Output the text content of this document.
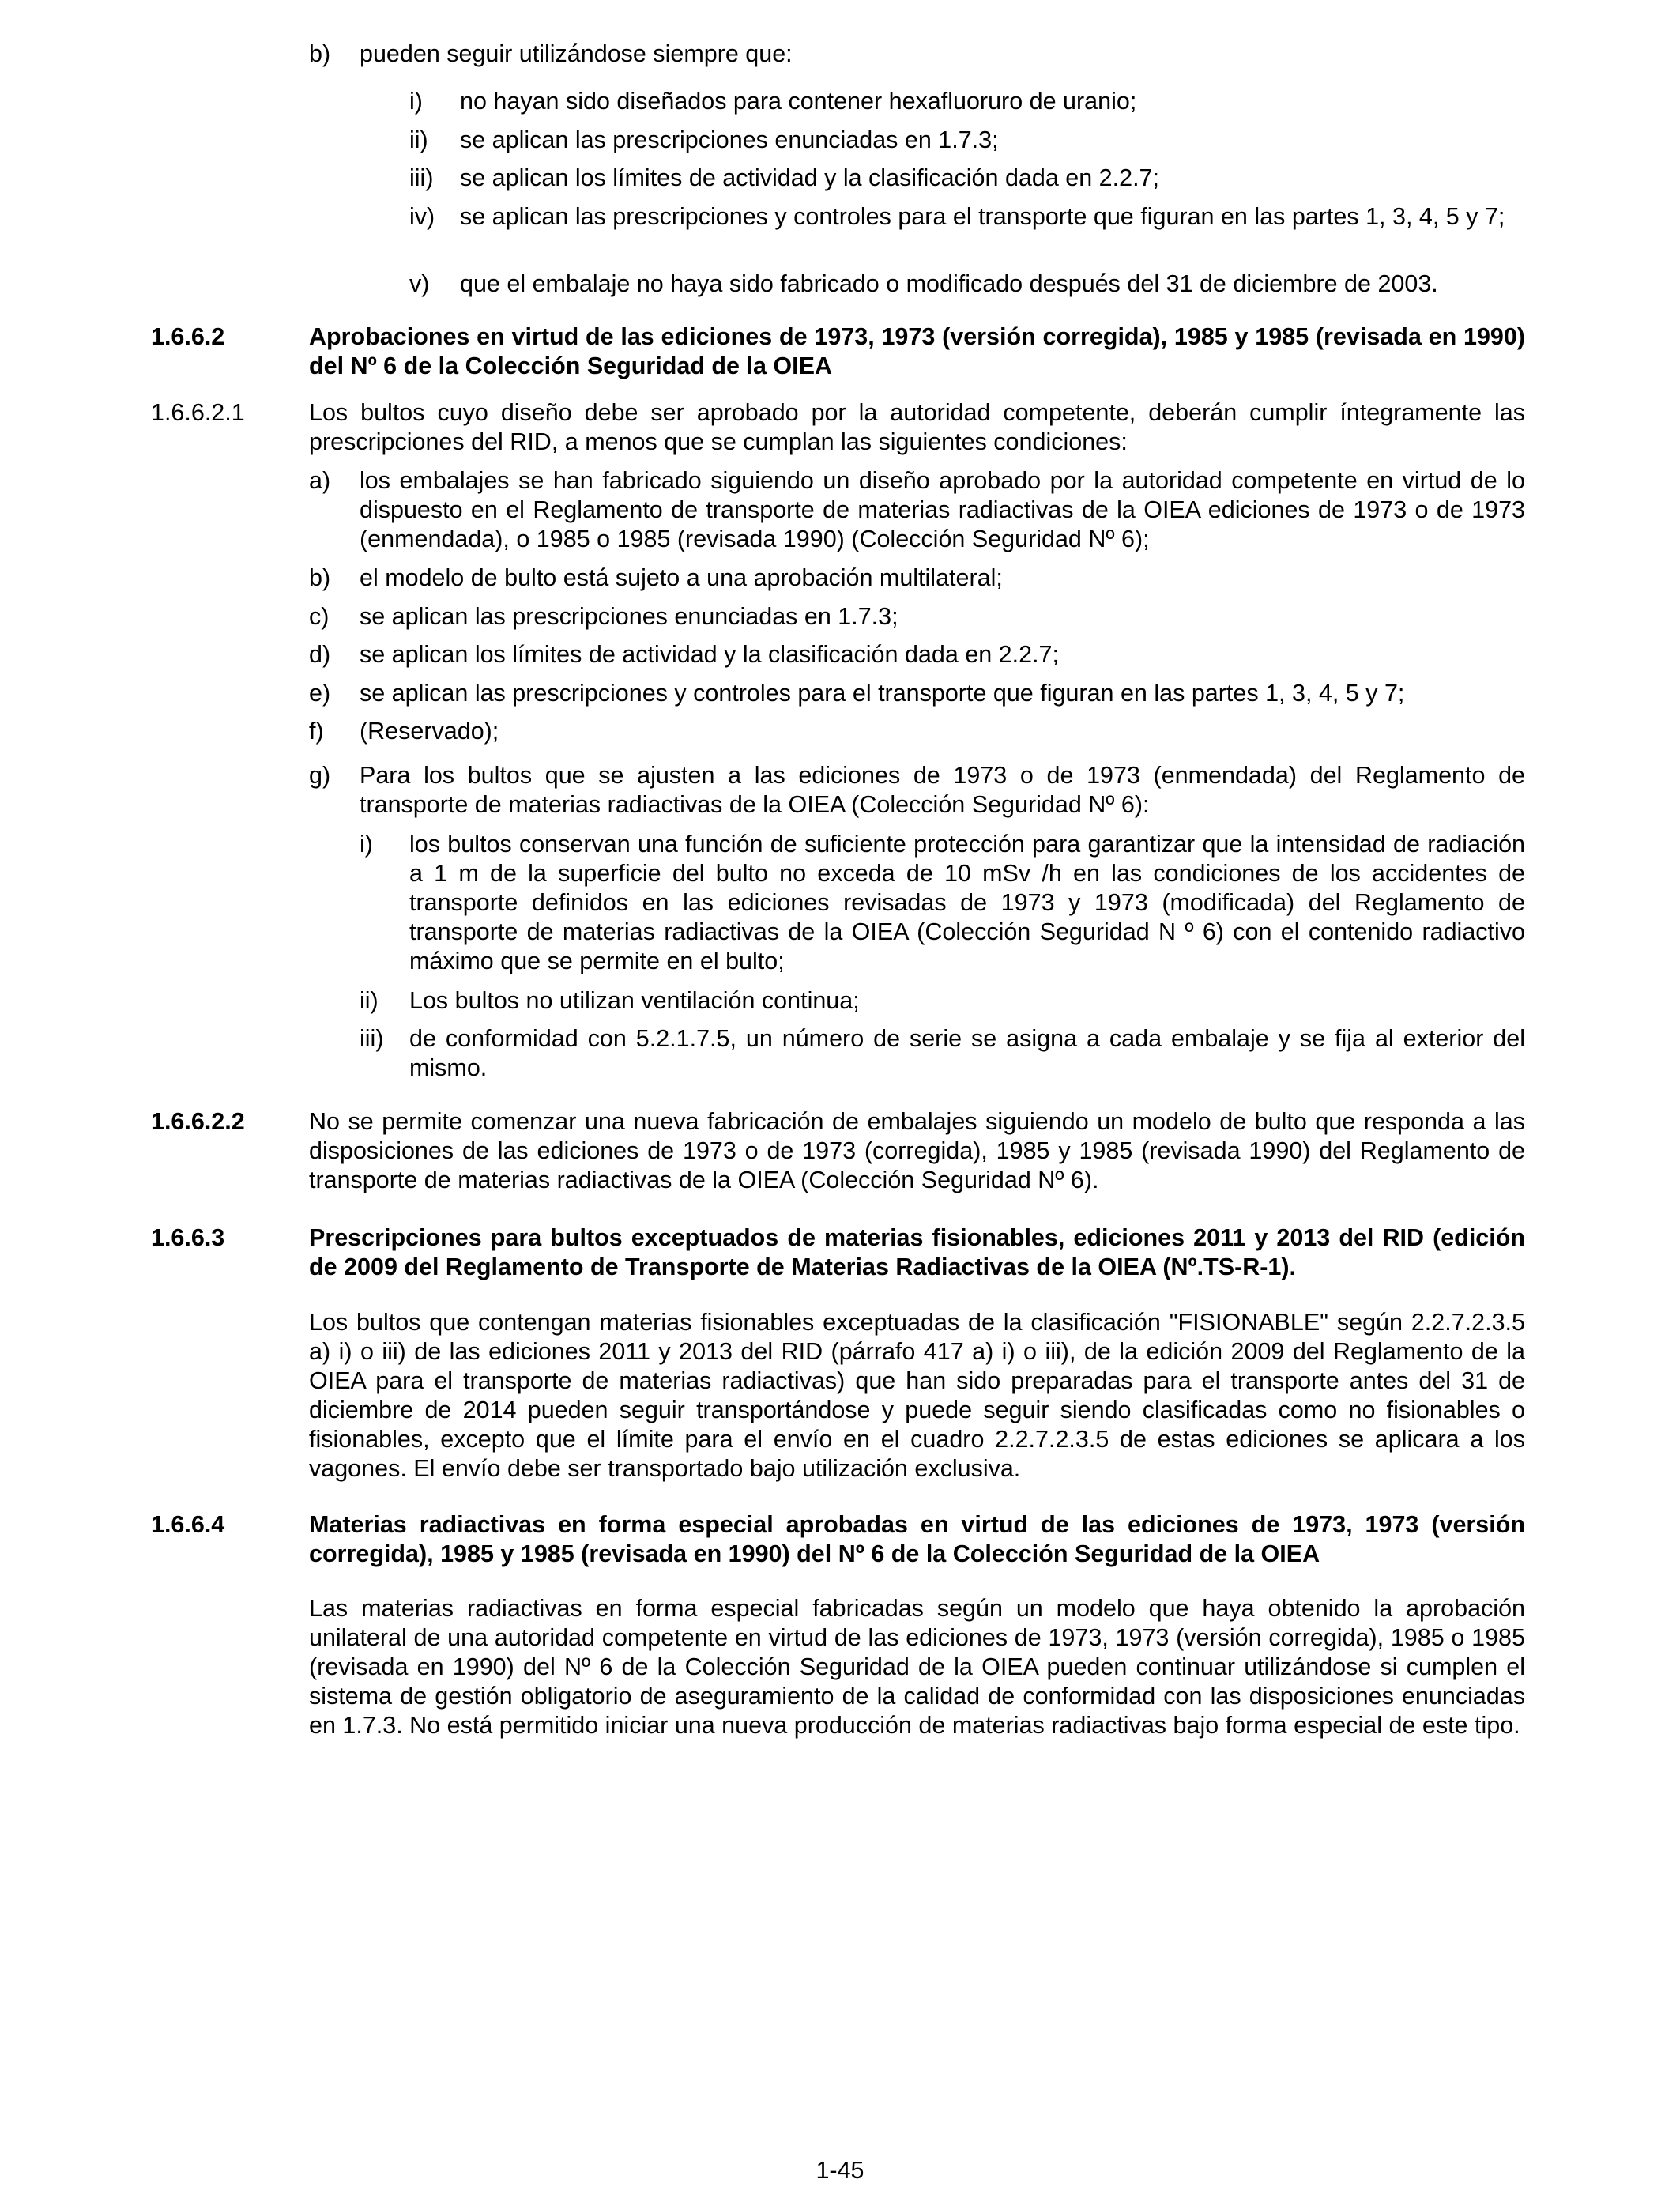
b) pueden seguir utilizándose siempre que:
i) no hayan sido diseñados para contener hexafluoruro de uranio;
ii) se aplican las prescripciones enunciadas en 1.7.3;
iii) se aplican los límites de actividad y la clasificación dada en 2.2.7;
iv) se aplican las prescripciones y controles para el transporte que figuran en las partes 1, 3, 4, 5 y 7;
v) que el embalaje no haya sido fabricado o modificado después del 31 de diciembre de 2003.
1.6.6.2	Aprobaciones en virtud de las ediciones de 1973, 1973 (versión corregida), 1985 y 1985 (revisada en 1990) del Nº 6 de la Colección Seguridad de la OIEA
1.6.6.2.1	Los bultos cuyo diseño debe ser aprobado por la autoridad competente, deberán cumplir íntegramente las prescripciones del RID, a menos que se cumplan las siguientes condiciones:
a) los embalajes se han fabricado siguiendo un diseño aprobado por la autoridad competente en virtud de lo dispuesto en el Reglamento de transporte de materias radiactivas de la OIEA ediciones de 1973 o de 1973 (enmendada), o 1985 o 1985 (revisada 1990) (Colección Seguridad Nº 6);
b) el modelo de bulto está sujeto a una aprobación multilateral;
c) se aplican las prescripciones enunciadas en 1.7.3;
d) se aplican los límites de actividad y la clasificación dada en 2.2.7;
e) se aplican las prescripciones y controles para el transporte que figuran en las partes 1, 3, 4, 5 y 7;
f) (Reservado);
g) Para los bultos que se ajusten a las ediciones de 1973 o de 1973 (enmendada) del Reglamento de transporte de materias radiactivas de la OIEA (Colección Seguridad Nº 6):
i) los bultos conservan una función de suficiente protección para garantizar que la intensidad de radiación a 1 m de la superficie del bulto no exceda de 10 mSv /h en las condiciones de los accidentes de transporte definidos en las ediciones revisadas de 1973 y 1973 (modificada) del Reglamento de transporte de materias radiactivas de la OIEA (Colección Seguridad N º 6) con el contenido radiactivo máximo que se permite en el bulto;
ii) Los bultos no utilizan ventilación continua;
iii) de conformidad con 5.2.1.7.5, un número de serie se asigna a cada embalaje y se fija al exterior del mismo.
1.6.6.2.2	No se permite comenzar una nueva fabricación de embalajes siguiendo un modelo de bulto que responda a las disposiciones de las ediciones de 1973 o de 1973 (corregida), 1985 y 1985 (revisada 1990) del Reglamento de transporte de materias radiactivas de la OIEA (Colección Seguridad Nº 6).
1.6.6.3	Prescripciones para bultos exceptuados de materias fisionables, ediciones 2011 y 2013 del RID (edición de 2009 del Reglamento de Transporte de Materias Radiactivas de la OIEA (Nº.TS-R-1).
Los bultos que contengan materias fisionables exceptuadas de la clasificación "FISIONABLE" según 2.2.7.2.3.5 a) i) o iii) de las ediciones 2011 y 2013 del RID (párrafo 417 a) i) o iii), de la edición 2009 del Reglamento de la OIEA para el transporte de materias radiactivas) que han sido preparadas para el transporte antes del 31 de diciembre de 2014 pueden seguir transportándose y puede seguir siendo clasificadas como no fisionables o fisionables, excepto que el límite para el envío en el cuadro 2.2.7.2.3.5 de estas ediciones se aplicara a los vagones. El envío debe ser transportado bajo utilización exclusiva.
1.6.6.4	Materias radiactivas en forma especial aprobadas en virtud de las ediciones de 1973, 1973 (versión corregida), 1985 y 1985 (revisada en 1990) del Nº 6 de la Colección Seguridad de la OIEA
Las materias radiactivas en forma especial fabricadas según un modelo que haya obtenido la aprobación unilateral de una autoridad competente en virtud de las ediciones de 1973, 1973 (versión corregida), 1985 o 1985 (revisada en 1990) del Nº 6 de la Colección Seguridad de la OIEA pueden continuar utilizándose si cumplen el sistema de gestión obligatorio de aseguramiento de la calidad de conformidad con las disposiciones enunciadas en 1.7.3. No está permitido iniciar una nueva producción de materias radiactivas bajo forma especial de este tipo.
1-45
